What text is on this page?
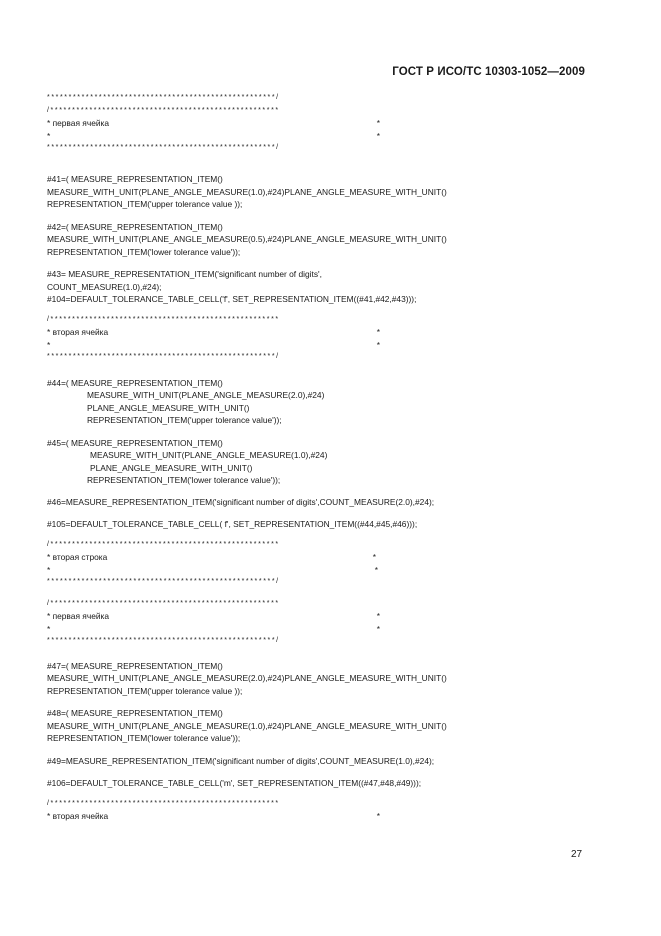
ГОСТ Р ИСО/ТС 10303-1052—2009
*****************************************************/
/*****************************************************
* первая ячейка	*
*	*
*****************************************************/
#41=( MEASURE_REPRESENTATION_ITEM()
MEASURE_WITH_UNIT(PLANE_ANGLE_MEASURE(1.0),#24)PLANE_ANGLE_MEASURE_WITH_UNIT()
REPRESENTATION_ITEM('upper tolerance value ));
#42=( MEASURE_REPRESENTATION_ITEM()
MEASURE_WITH_UNIT(PLANE_ANGLE_MEASURE(0.5),#24)PLANE_ANGLE_MEASURE_WITH_UNIT()
REPRESENTATION_ITEM('lower tolerance value'));
#43= MEASURE_REPRESENTATION_ITEM('significant number of digits',
COUNT_MEASURE(1.0),#24);
#104=DEFAULT_TOLERANCE_TABLE_CELL('f', SET_REPRESENTATION_ITEM((#41,#42,#43)));
/*****************************************************
* вторая ячейка	*
*	*
*****************************************************/
#44=( MEASURE_REPRESENTATION_ITEM()
MEASURE_WITH_UNIT(PLANE_ANGLE_MEASURE(2.0),#24)
PLANE_ANGLE_MEASURE_WITH_UNIT()
REPRESENTATION_ITEM('upper tolerance value'));
#45=( MEASURE_REPRESENTATION_ITEM()
MEASURE_WITH_UNIT(PLANE_ANGLE_MEASURE(1.0),#24)
PLANE_ANGLE_MEASURE_WITH_UNIT()
REPRESENTATION_ITEM('lower tolerance value'));
#46=MEASURE_REPRESENTATION_ITEM('significant number of digits',COUNT_MEASURE(2.0),#24);
#105=DEFAULT_TOLERANCE_TABLE_CELL( f', SET_REPRESENTATION_ITEM((#44,#45,#46)));
/*****************************************************
* вторая строка	*
*	*
*****************************************************/
/*****************************************************
* первая ячейка	*
*	*
*****************************************************/
#47=( MEASURE_REPRESENTATION_ITEM()
MEASURE_WITH_UNIT(PLANE_ANGLE_MEASURE(2.0),#24)PLANE_ANGLE_MEASURE_WITH_UNIT()
REPRESENTATION_ITEM('upper tolerance value ));
#48=( MEASURE_REPRESENTATION_ITEM()
MEASURE_WITH_UNIT(PLANE_ANGLE_MEASURE(1.0),#24)PLANE_ANGLE_MEASURE_WITH_UNIT()
REPRESENTATION_ITEM('lower tolerance value'));
#49=MEASURE_REPRESENTATION_ITEM('significant number of digits',COUNT_MEASURE(1.0),#24);
#106=DEFAULT_TOLERANCE_TABLE_CELL('m', SET_REPRESENTATION_ITEM((#47,#48,#49)));
/*****************************************************
* вторая ячейка	*
27
